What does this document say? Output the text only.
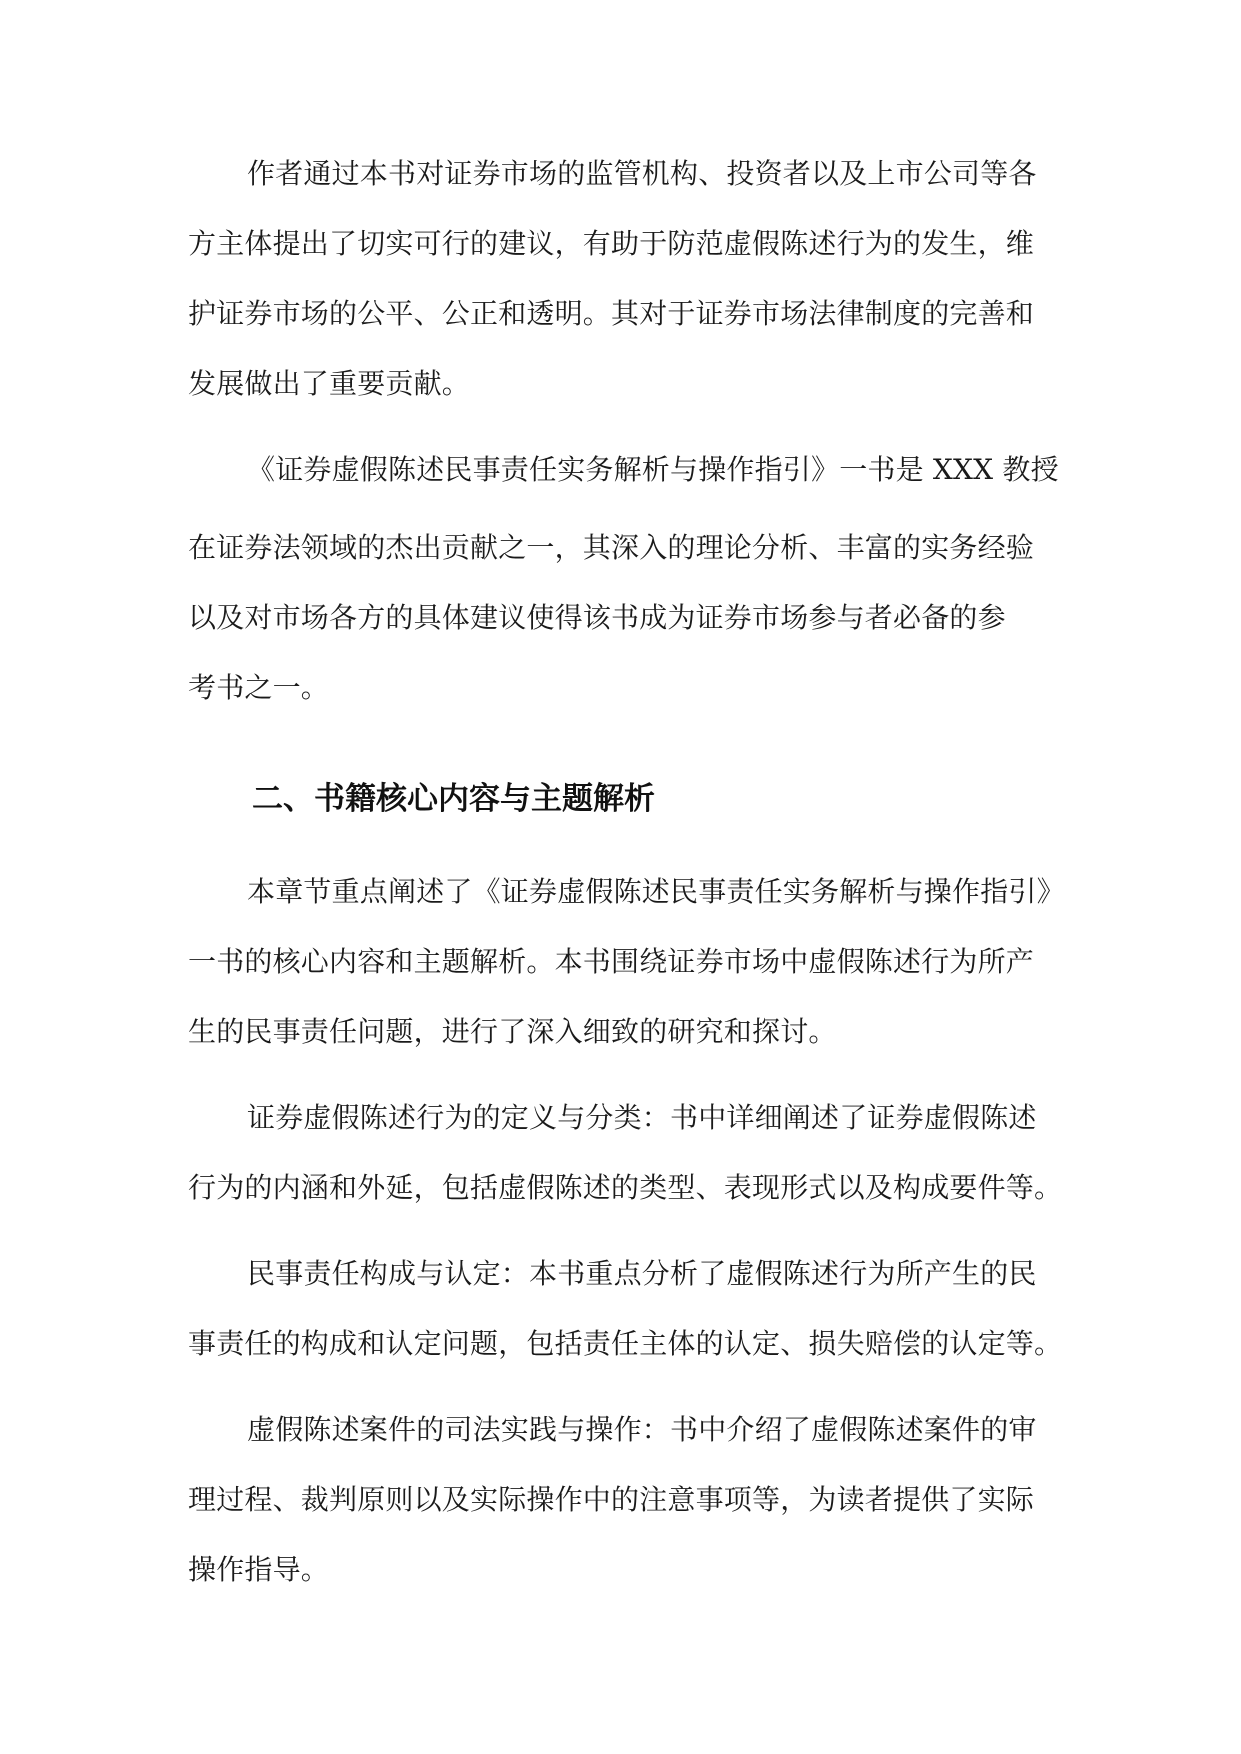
作者通过本书对证券市场的监管机构、投资者以及上市公司等各
方主体提出了切实可行的建议，有助于防范虚假陈述行为的发生，维
护证券市场的公平、公正和透明。其对于证券市场法律制度的完善和
发展做出了重要贡献。
《证券虚假陈述民事责任实务解析与操作指引》一书是 XXX 教授
在证券法领域的杰出贡献之一，其深入的理论分析、丰富的实务经验
以及对市场各方的具体建议使得该书成为证券市场参与者必备的参
考书之一。
二、书籍核心内容与主题解析
本章节重点阐述了《证券虚假陈述民事责任实务解析与操作指引》
一书的核心内容和主题解析。本书围绕证券市场中虚假陈述行为所产
生的民事责任问题，进行了深入细致的研究和探讨。
证券虚假陈述行为的定义与分类：书中详细阐述了证券虚假陈述
行为的内涵和外延，包括虚假陈述的类型、表现形式以及构成要件等。
民事责任构成与认定：本书重点分析了虚假陈述行为所产生的民
事责任的构成和认定问题，包括责任主体的认定、损失赔偿的认定等。
虚假陈述案件的司法实践与操作：书中介绍了虚假陈述案件的审
理过程、裁判原则以及实际操作中的注意事项等，为读者提供了实际
操作指导。
